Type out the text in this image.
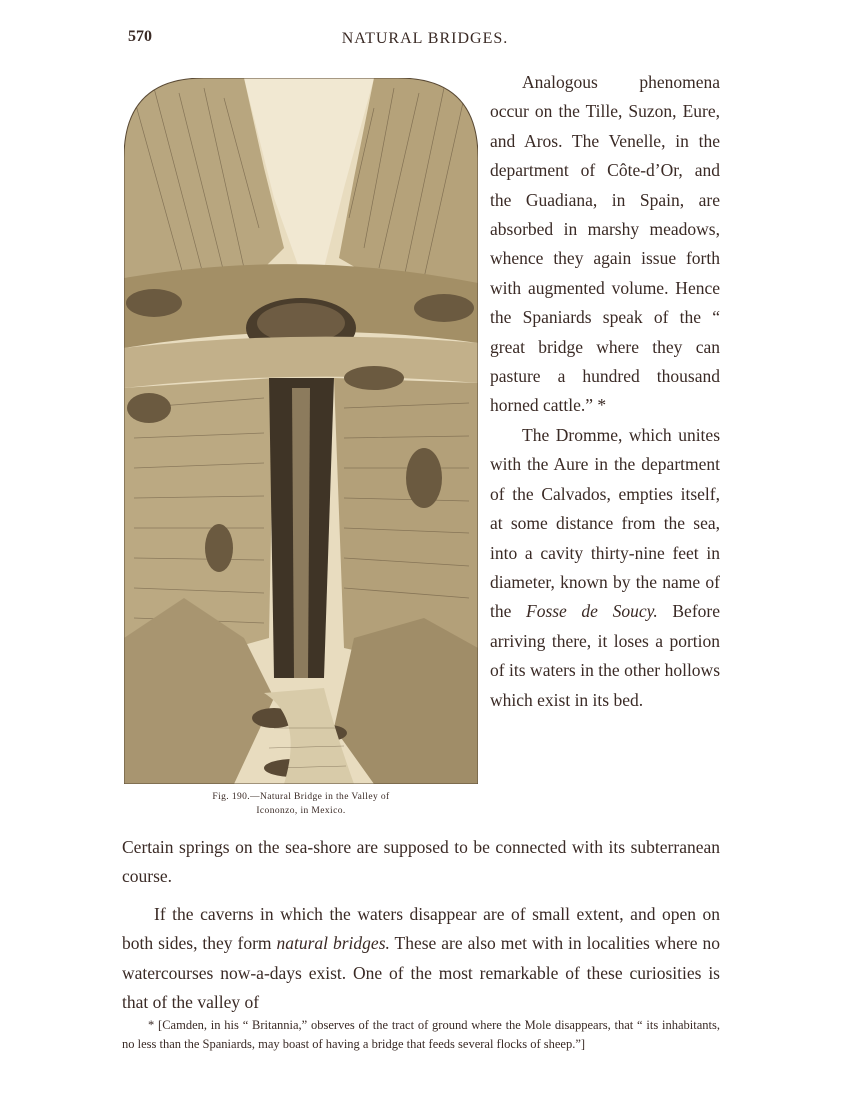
570	NATURAL BRIDGES.
Fig. 190.—Natural Bridge in the Valley of
Icononzo, in Mexico.

Analogous phenomena occur on the Tille, Suzon, Eure, and Aros. The Venelle, in the department of Côte-d’Or, and the Guadiana, in Spain, are absorbed in marshy meadows, whence they again issue forth with augmented volume. Hence the Spaniards speak of the “ great bridge where they can pasture a hundred thousand horned cattle.” *

The Dromme, which unites with the Aure in the department of the Calvados, empties itself, at some distance from the sea, into a cavity thirty-nine feet in diameter, known by the name of the Fosse de Soucy. Before arriving there, it loses a portion of its waters in the other hollows which exist in its bed.

Certain springs on the sea-shore are supposed to be connected with its subterranean course.

If the caverns in which the waters disappear are of small extent, and open on both sides, they form natural bridges. These are also met with in localities where no watercourses now-a-days exist. One of the most remarkable of these curiosities is that of the valley of

* [Camden, in his “ Britannia,” observes of the tract of ground where the Mole disappears, that “ its inhabitants, no less than the Spaniards, may boast of having a bridge that feeds several flocks of sheep.”]
